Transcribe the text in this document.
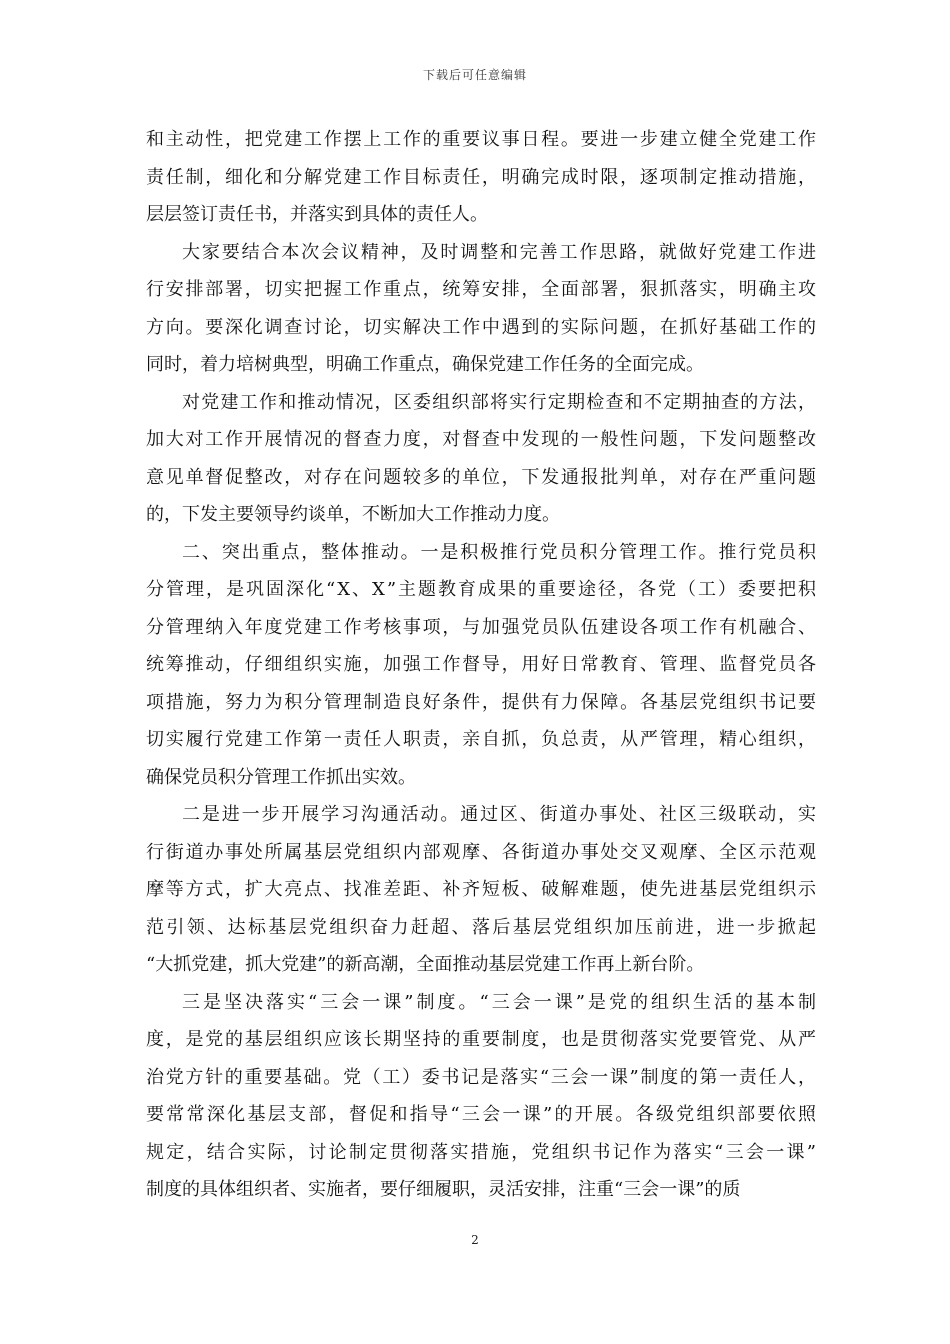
下载后可任意编辑
和主动性，把党建工作摆上工作的重要议事日程。要进一步建立健全党建工作
责任制，细化和分解党建工作目标责任，明确完成时限，逐项制定推动措施，
层层签订责任书，并落实到具体的责任人。
大家要结合本次会议精神，及时调整和完善工作思路，就做好党建工作进
行安排部署，切实把握工作重点，统筹安排，全面部署，狠抓落实，明确主攻
方向。要深化调查讨论，切实解决工作中遇到的实际问题，在抓好基础工作的
同时，着力培树典型，明确工作重点，确保党建工作任务的全面完成。
对党建工作和推动情况，区委组织部将实行定期检查和不定期抽查的方法，
加大对工作开展情况的督查力度，对督查中发现的一般性问题，下发问题整改
意见单督促整改，对存在问题较多的单位，下发通报批判单，对存在严重问题
的，下发主要领导约谈单，不断加大工作推动力度。
二、突出重点，整体推动。一是积极推行党员积分管理工作。推行党员积
分管理，是巩固深化“X、X”主题教育成果的重要途径，各党（工）委要把积
分管理纳入年度党建工作考核事项，与加强党员队伍建设各项工作有机融合、
统筹推动，仔细组织实施，加强工作督导，用好日常教育、管理、监督党员各
项措施，努力为积分管理制造良好条件，提供有力保障。各基层党组织书记要
切实履行党建工作第一责任人职责，亲自抓，负总责，从严管理，精心组织，
确保党员积分管理工作抓出实效。
二是进一步开展学习沟通活动。通过区、街道办事处、社区三级联动，实
行街道办事处所属基层党组织内部观摩、各街道办事处交叉观摩、全区示范观
摩等方式，扩大亮点、找准差距、补齐短板、破解难题，使先进基层党组织示
范引领、达标基层党组织奋力赶超、落后基层党组织加压前进，进一步掀起
“大抓党建，抓大党建”的新高潮，全面推动基层党建工作再上新台阶。
三是坚决落实“三会一课”制度。“三会一课”是党的组织生活的基本制
度，是党的基层组织应该长期坚持的重要制度，也是贯彻落实党要管党、从严
治党方针的重要基础。党（工）委书记是落实“三会一课”制度的第一责任人，
要常常深化基层支部，督促和指导“三会一课”的开展。各级党组织部要依照
规定，结合实际，讨论制定贯彻落实措施，党组织书记作为落实“三会一课”
制度的具体组织者、实施者，要仔细履职，灵活安排，注重“三会一课”的质
2
